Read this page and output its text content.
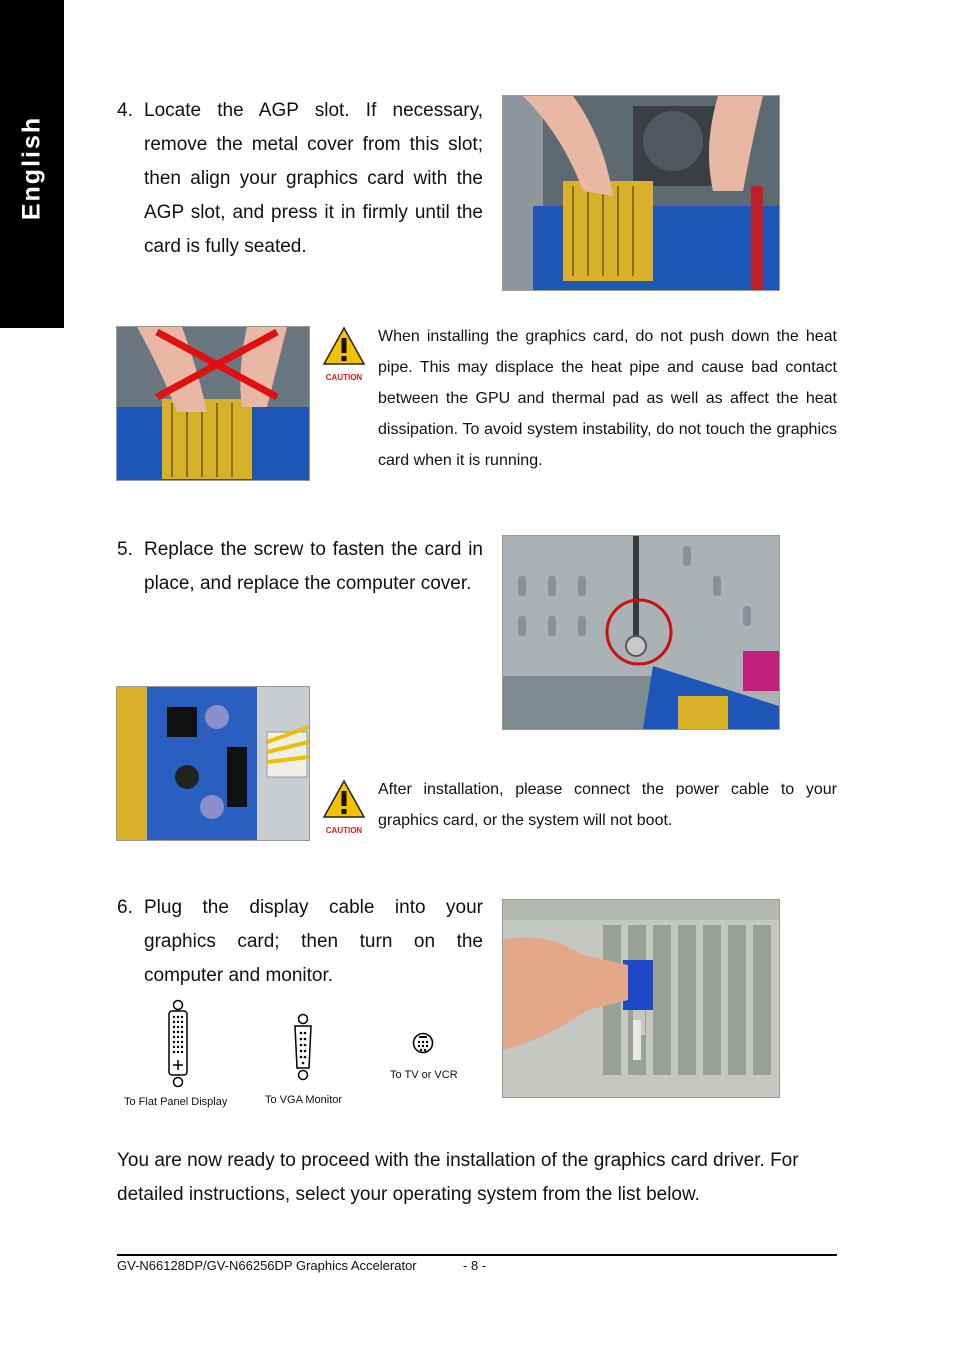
English
4. Locate the AGP slot. If necessary, remove the metal cover from this slot; then align your graphics card with the AGP slot, and press it in firmly until the card is fully seated.
CAUTION
When installing the graphics card, do not push down the heat pipe. This may displace the heat pipe and cause bad contact between the GPU and thermal pad as well as affect the heat dissipation. To avoid system instability, do not touch the graphics card when it is running.
5. Replace the screw to fasten the card in place, and replace the computer cover.
CAUTION
After installation, please connect the power cable to your graphics card, or the system will not boot.
6. Plug the display cable into your graphics card; then turn on the computer and monitor.
To Flat Panel Display	To VGA Monitor
To TV or VCR
You are now ready to proceed with the installation of the graphics card driver. For detailed instructions, select your operating system from the list below.
GV-N66128DP/GV-N66256DP Graphics Accelerator	- 8 -
